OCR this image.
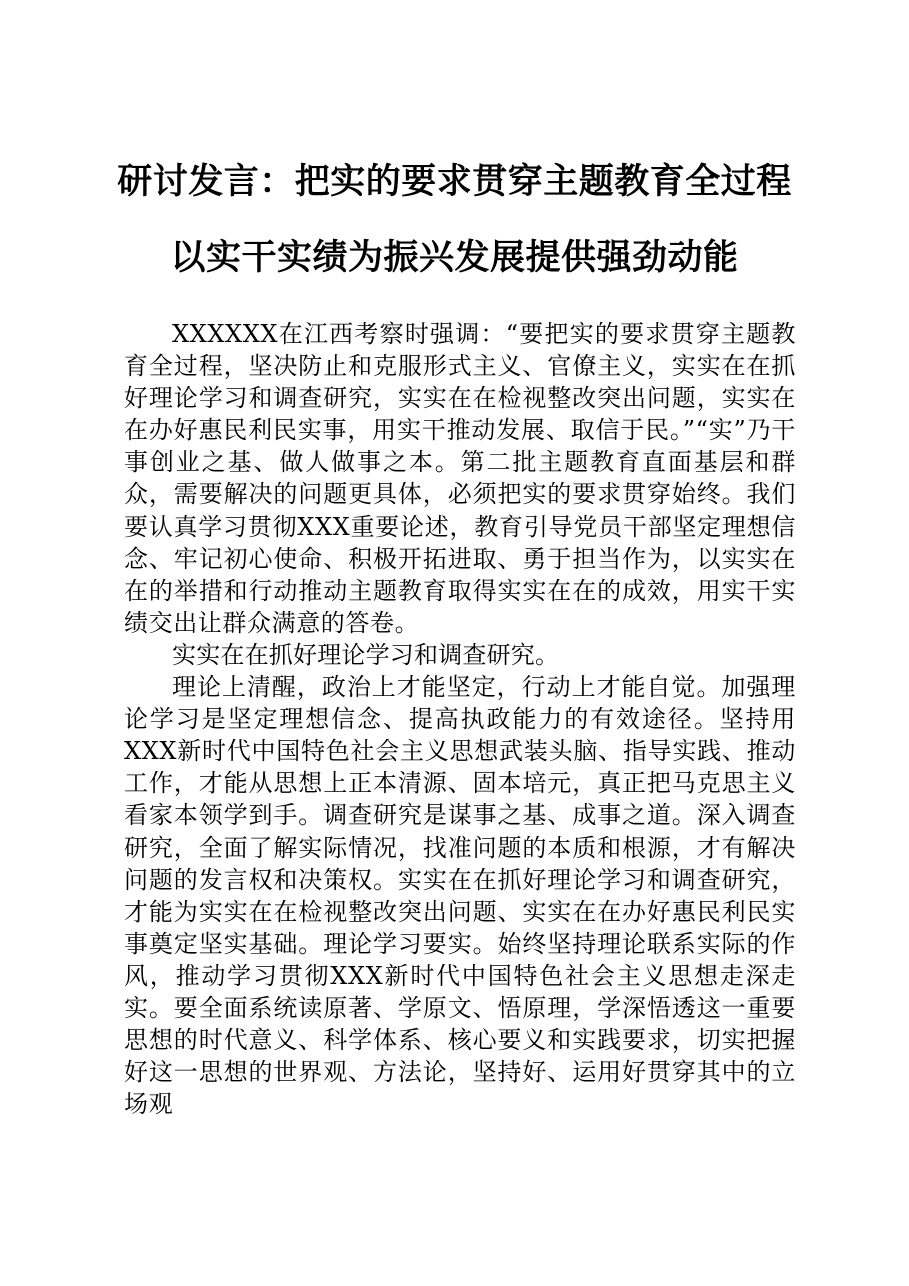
研讨发言：把实的要求贯穿主题教育全过程以实干实绩为振兴发展提供强劲动能

XXXXXX在江西考察时强调：“要把实的要求贯穿主题教育全过程，坚决防止和克服形式主义、官僚主义，实实在在抓好理论学习和调查研究，实实在在检视整改突出问题，实实在在办好惠民利民实事，用实干推动发展、取信于民。”“实”乃干事创业之基、做人做事之本。第二批主题教育直面基层和群众，需要解决的问题更具体，必须把实的要求贯穿始终。我们要认真学习贯彻XXX重要论述，教育引导党员干部坚定理想信念、牢记初心使命、积极开拓进取、勇于担当作为，以实实在在的举措和行动推动主题教育取得实实在在的成效，用实干实绩交出让群众满意的答卷。

实实在在抓好理论学习和调查研究。

理论上清醒，政治上才能坚定，行动上才能自觉。加强理论学习是坚定理想信念、提高执政能力的有效途径。坚持用XXX新时代中国特色社会主义思想武装头脑、指导实践、推动工作，才能从思想上正本清源、固本培元，真正把马克思主义看家本领学到手。调查研究是谋事之基、成事之道。深入调查研究，全面了解实际情况，找准问题的本质和根源，才有解决问题的发言权和决策权。实实在在抓好理论学习和调查研究，才能为实实在在检视整改突出问题、实实在在办好惠民利民实事奠定坚实基础。理论学习要实。始终坚持理论联系实际的作风，推动学习贯彻XXX新时代中国特色社会主义思想走深走实。要全面系统读原著、学原文、悟原理，学深悟透这一重要思想的时代意义、科学体系、核心要义和实践要求，切实把握好这一思想的世界观、方法论，坚持好、运用好贯穿其中的立场观
